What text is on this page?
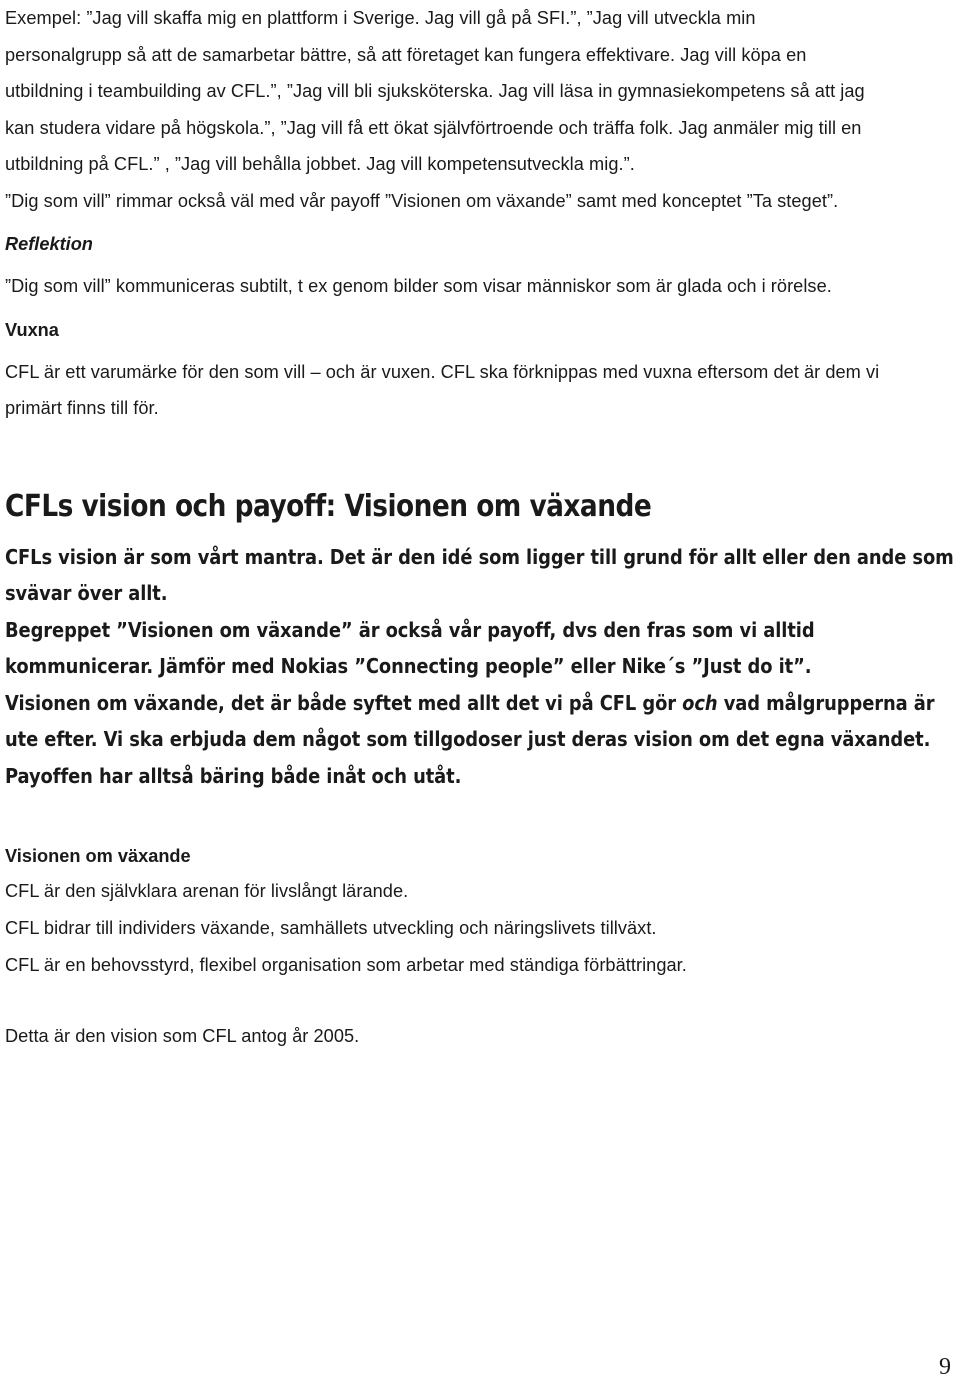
Exempel: ”Jag vill skaffa mig en plattform i Sverige. Jag vill gå på SFI.”, ”Jag vill utveckla min

personalgrupp så att de samarbetar bättre, så att företaget kan fungera effektivare. Jag vill köpa en

utbildning i teambuilding av CFL.”, ”Jag vill bli sjuksköterska. Jag vill läsa in gymnasiekompetens så att jag

kan studera vidare på högskola.”, ”Jag vill få ett ökat självförtroende och träffa folk. Jag anmäler mig till en

utbildning på CFL.” , ”Jag vill behålla jobbet. Jag vill kompetensutveckla mig.”.

”Dig som vill” rimmar också väl med vår payoff ”Visionen om växande” samt med konceptet ”Ta steget”.

Reflektion

”Dig som vill” kommuniceras subtilt, t ex genom bilder som visar människor som är glada och i rörelse.

Vuxna

CFL är ett varumärke för den som vill – och är vuxen. CFL ska förknippas med vuxna eftersom det är dem vi

primärt finns till för.

CFLs vision och payoff: Visionen om växande

CFLs vision är som vårt mantra. Det är den idé som ligger till grund för allt eller den ande som

svävar över allt.

Begreppet ”Visionen om växande” är också vår payoff, dvs den fras som vi alltid

kommunicerar. Jämför med Nokias ”Connecting people” eller Nike´s ”Just do it”.

Visionen om växande, det är både syftet med allt det vi på CFL gör och vad målgrupperna är

ute efter. Vi ska erbjuda dem något som tillgodoser just deras vision om det egna växandet.

Payoffen har alltså bäring både inåt och utåt.

Visionen om växande

CFL är den självklara arenan för livslångt lärande.

CFL bidrar till individers växande, samhällets utveckling och näringslivets tillväxt.

CFL är en behovsstyrd, flexibel organisation som arbetar med ständiga förbättringar.

Detta är den vision som CFL antog år 2005.

9
